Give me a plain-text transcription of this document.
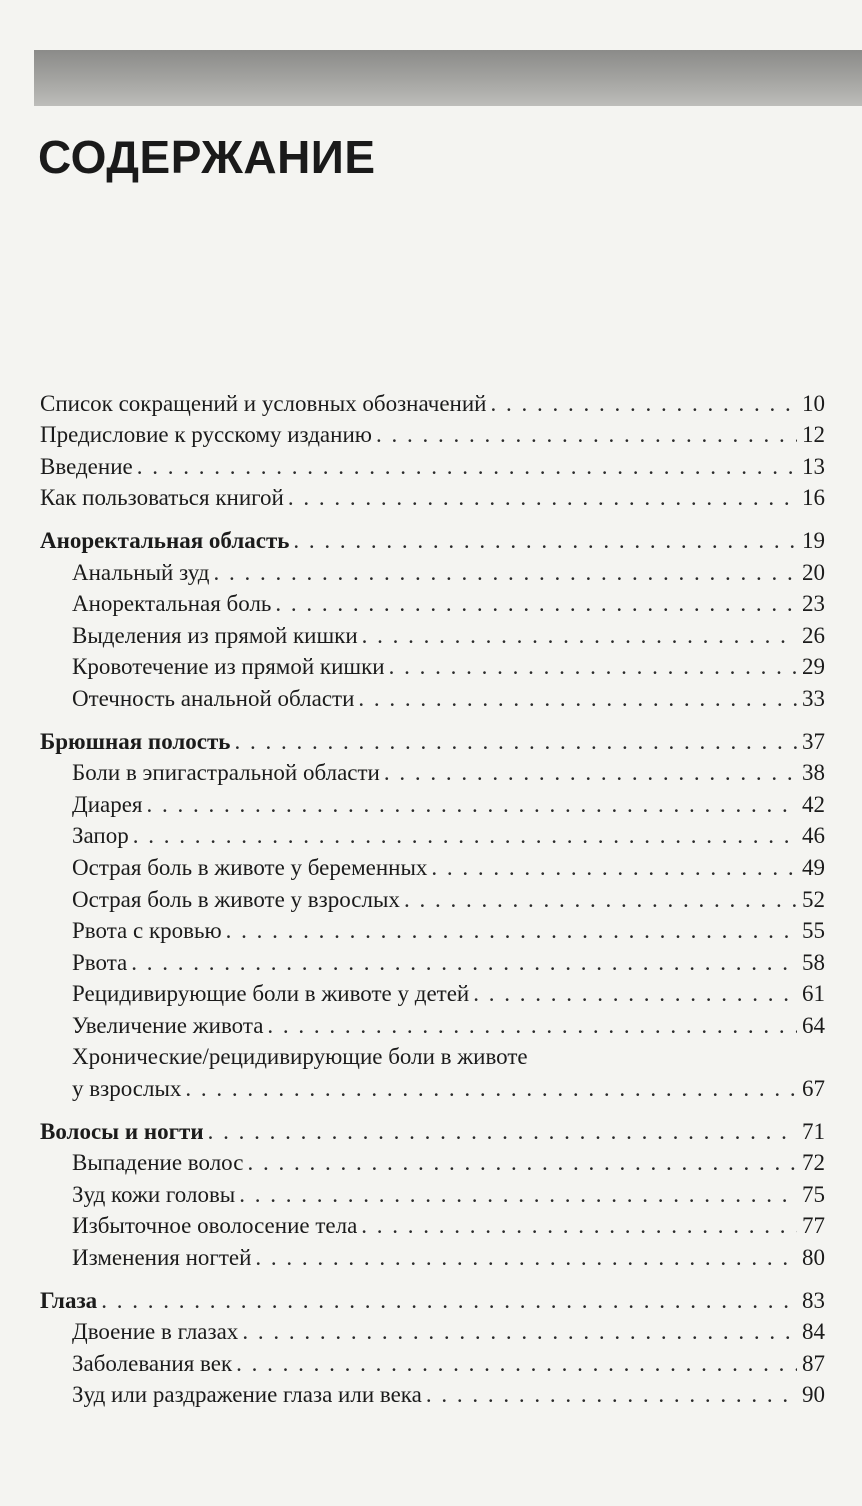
СОДЕРЖАНИЕ
Список сокращений и условных обозначений . . .	10
Предисловие к русскому изданию . . .	12
Введение . . .	13
Как пользоваться книгой . . .	16
Аноректальная область . . .	19
Анальный зуд . . .	20
Аноректальная боль . . .	23
Выделения из прямой кишки . . .	26
Кровотечение из прямой кишки . . .	29
Отечность анальной области . . .	33
Брюшная полость . . .	37
Боли в эпигастральной области . . .	38
Диарея . . .	42
Запор . . .	46
Острая боль в животе у беременных . . .	49
Острая боль в животе у взрослых . . .	52
Рвота с кровью . . .	55
Рвота . . .	58
Рецидивирующие боли в животе у детей . . .	61
Увеличение живота . . .	64
Хронические/рецидивирующие боли в животе
у взрослых . . .	67
Волосы и ногти . . .	71
Выпадение волос . . .	72
Зуд кожи головы . . .	75
Избыточное оволосение тела . . .	77
Изменения ногтей . . .	80
Глаза . . .	83
Двоение в глазах . . .	84
Заболевания век . . .	87
Зуд или раздражение глаза или века . . .	90
